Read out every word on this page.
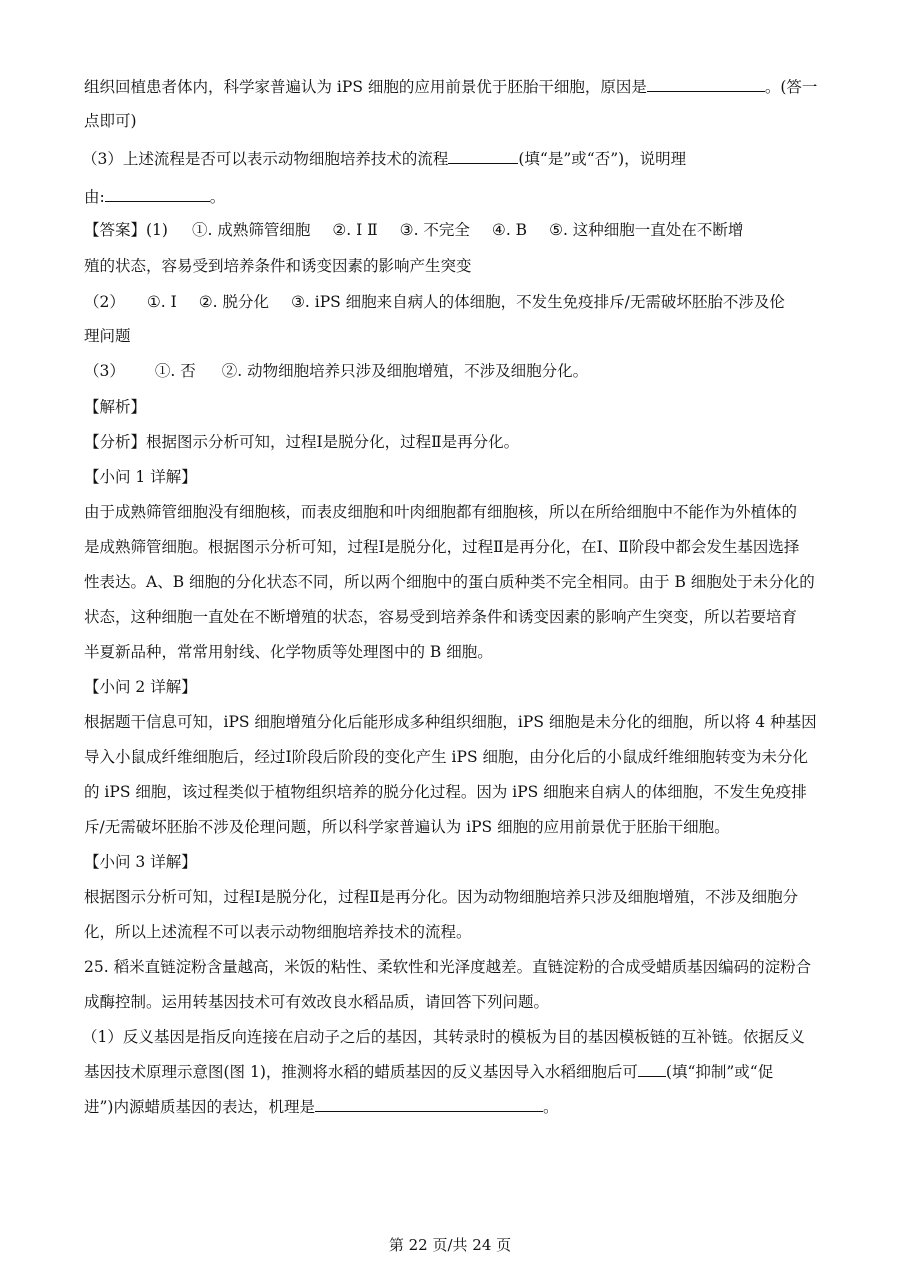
组织回植患者体内，科学家普遍认为 iPS 细胞的应用前景优于胚胎干细胞，原因是	。(答一
点即可)
（3）上述流程是否可以表示动物细胞培养技术的流程	(填“是”或“否”)，说明理
由:	。
【答案】(1) ①. 成熟筛管细胞 ②. Ⅰ Ⅱ ③. 不完全 ④. B ⑤. 这种细胞一直处在不断增
殖的状态，容易受到培养条件和诱变因素的影响产生突变
（2） ①. Ⅰ ②. 脱分化 ③. iPS 细胞来自病人的体细胞，不发生免疫排斥/无需破坏胚胎不涉及伦
理问题
（3） ①. 否 ②. 动物细胞培养只涉及细胞增殖，不涉及细胞分化。
【解析】
【分析】根据图示分析可知，过程Ⅰ是脱分化，过程Ⅱ是再分化。
【小问 1 详解】
由于成熟筛管细胞没有细胞核，而表皮细胞和叶肉细胞都有细胞核，所以在所给细胞中不能作为外植体的
是成熟筛管细胞。根据图示分析可知，过程Ⅰ是脱分化，过程Ⅱ是再分化，在Ⅰ、Ⅱ阶段中都会发生基因选择
性表达。A、B 细胞的分化状态不同，所以两个细胞中的蛋白质种类不完全相同。由于 B 细胞处于未分化的
状态，这种细胞一直处在不断增殖的状态，容易受到培养条件和诱变因素的影响产生突变，所以若要培育
半夏新品种，常常用射线、化学物质等处理图中的 B 细胞。
【小问 2 详解】
根据题干信息可知，iPS 细胞增殖分化后能形成多种组织细胞，iPS 细胞是未分化的细胞，所以将 4 种基因
导入小鼠成纤维细胞后，经过Ⅰ阶段后阶段的变化产生 iPS 细胞，由分化后的小鼠成纤维细胞转变为未分化
的 iPS 细胞，该过程类似于植物组织培养的脱分化过程。因为 iPS 细胞来自病人的体细胞，不发生免疫排
斥/无需破坏胚胎不涉及伦理问题，所以科学家普遍认为 iPS 细胞的应用前景优于胚胎干细胞。
【小问 3 详解】
根据图示分析可知，过程Ⅰ是脱分化，过程Ⅱ是再分化。因为动物细胞培养只涉及细胞增殖，不涉及细胞分
化，所以上述流程不可以表示动物细胞培养技术的流程。
25. 稻米直链淀粉含量越高，米饭的粘性、柔软性和光泽度越差。直链淀粉的合成受蜡质基因编码的淀粉合
成酶控制。运用转基因技术可有效改良水稻品质，请回答下列问题。
（1）反义基因是指反向连接在启动子之后的基因，其转录时的模板为目的基因模板链的互补链。依据反义
基因技术原理示意图(图 1)，推测将水稻的蜡质基因的反义基因导入水稻细胞后可 (填“抑制”或“促
进”)内源蜡质基因的表达，机理是	。
第 22 页/共 24 页
